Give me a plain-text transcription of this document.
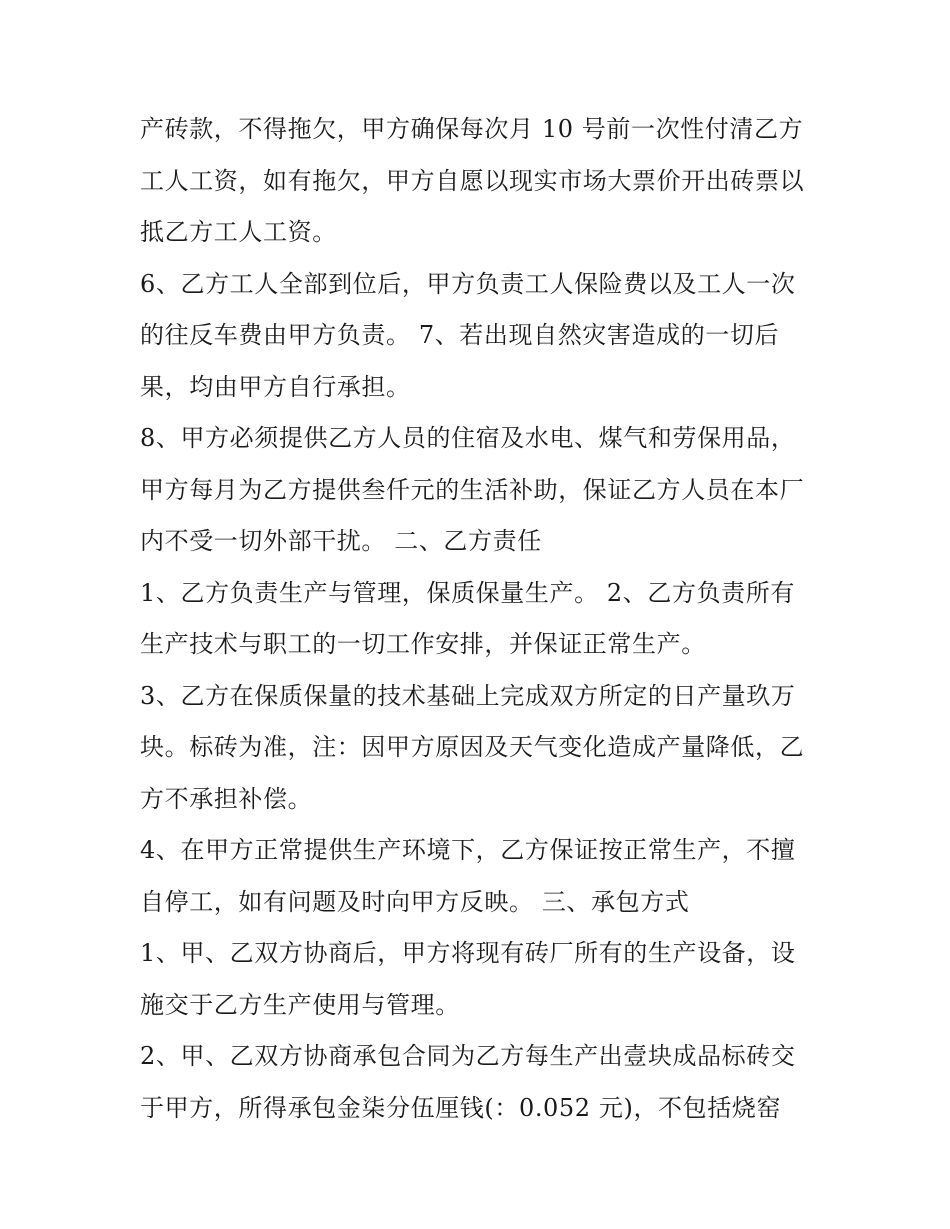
产砖款，不得拖欠，甲方确保每次月 10 号前一次性付清乙方
工人工资，如有拖欠，甲方自愿以现实市场大票价开出砖票以
抵乙方工人工资。
6、乙方工人全部到位后，甲方负责工人保险费以及工人一次
的往反车费由甲方负责。 7、若出现自然灾害造成的一切后
果，均由甲方自行承担。
8、甲方必须提供乙方人员的住宿及水电、煤气和劳保用品，
甲方每月为乙方提供叁仟元的生活补助，保证乙方人员在本厂
内不受一切外部干扰。 二、乙方责任
1、乙方负责生产与管理，保质保量生产。 2、乙方负责所有
生产技术与职工的一切工作安排，并保证正常生产。
3、乙方在保质保量的技术基础上完成双方所定的日产量玖万
块。标砖为准，注：因甲方原因及天气变化造成产量降低，乙
方不承担补偿。
4、在甲方正常提供生产环境下，乙方保证按正常生产，不擅
自停工，如有问题及时向甲方反映。 三、承包方式
1、甲、乙双方协商后，甲方将现有砖厂所有的生产设备，设
施交于乙方生产使用与管理。
2、甲、乙双方协商承包合同为乙方每生产出壹块成品标砖交
于甲方，所得承包金柒分伍厘钱(：0.052 元)，不包括烧窑
